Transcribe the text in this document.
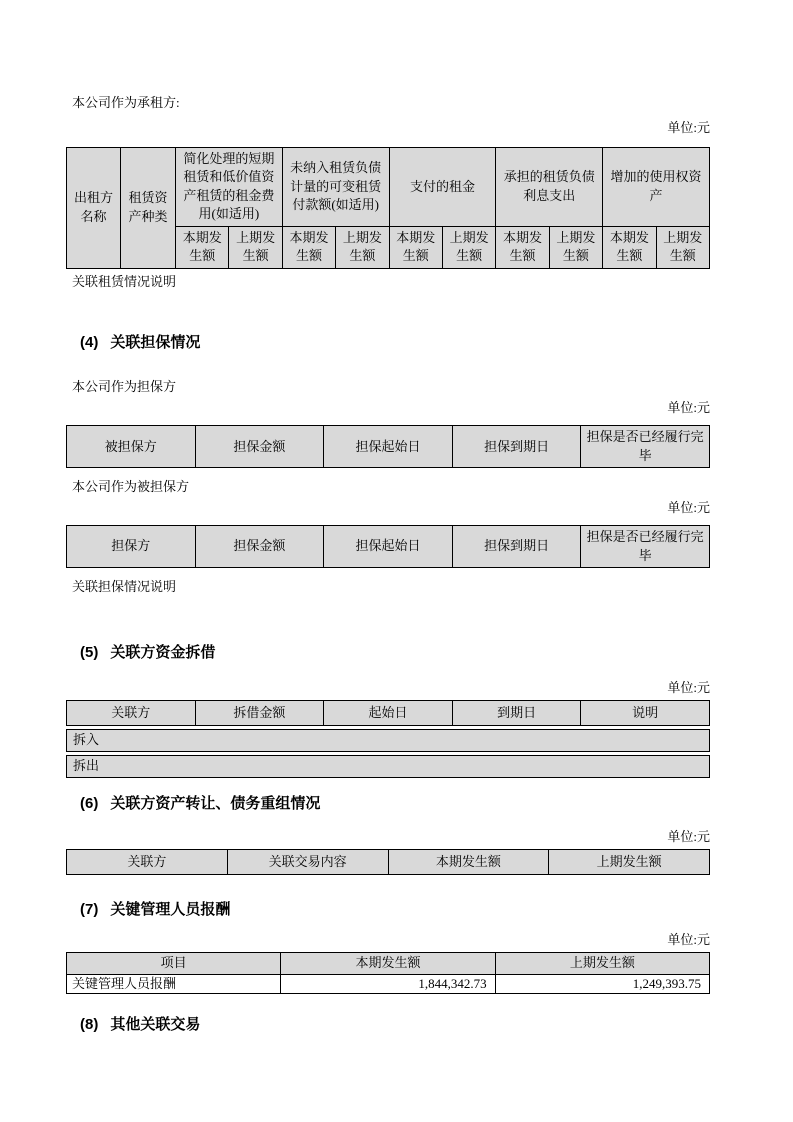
本公司作为承租方:

单位:元

出租方名称	租赁资产种类	简化处理的短期租赁和低价值资产租赁的租金费用(如适用)		未纳入租赁负债计量的可变租赁付款额(如适用)		支付的租金		承担的租赁负债利息支出		增加的使用权资产	
		本期发生额	上期发生额	本期发生额	上期发生额	本期发生额	上期发生额	本期发生额	上期发生额	本期发生额	上期发生额

关联租赁情况说明

(4) 关联担保情况

本公司作为担保方

单位:元

被担保方	担保金额	担保起始日	担保到期日	担保是否已经履行完毕

本公司作为被担保方

单位:元

担保方	担保金额	担保起始日	担保到期日	担保是否已经履行完毕

关联担保情况说明

(5) 关联方资金拆借

单位:元

关联方	拆借金额	起始日	到期日	说明
拆入
拆出
(6) 关联方资产转让、债务重组情况

单位:元

关联方	关联交易内容	本期发生额	上期发生额
(7) 关键管理人员报酬

单位:元

项目	本期发生额	上期发生额
关键管理人员报酬	1,844,342.73	1,249,393.75
(8) 其他关联交易
